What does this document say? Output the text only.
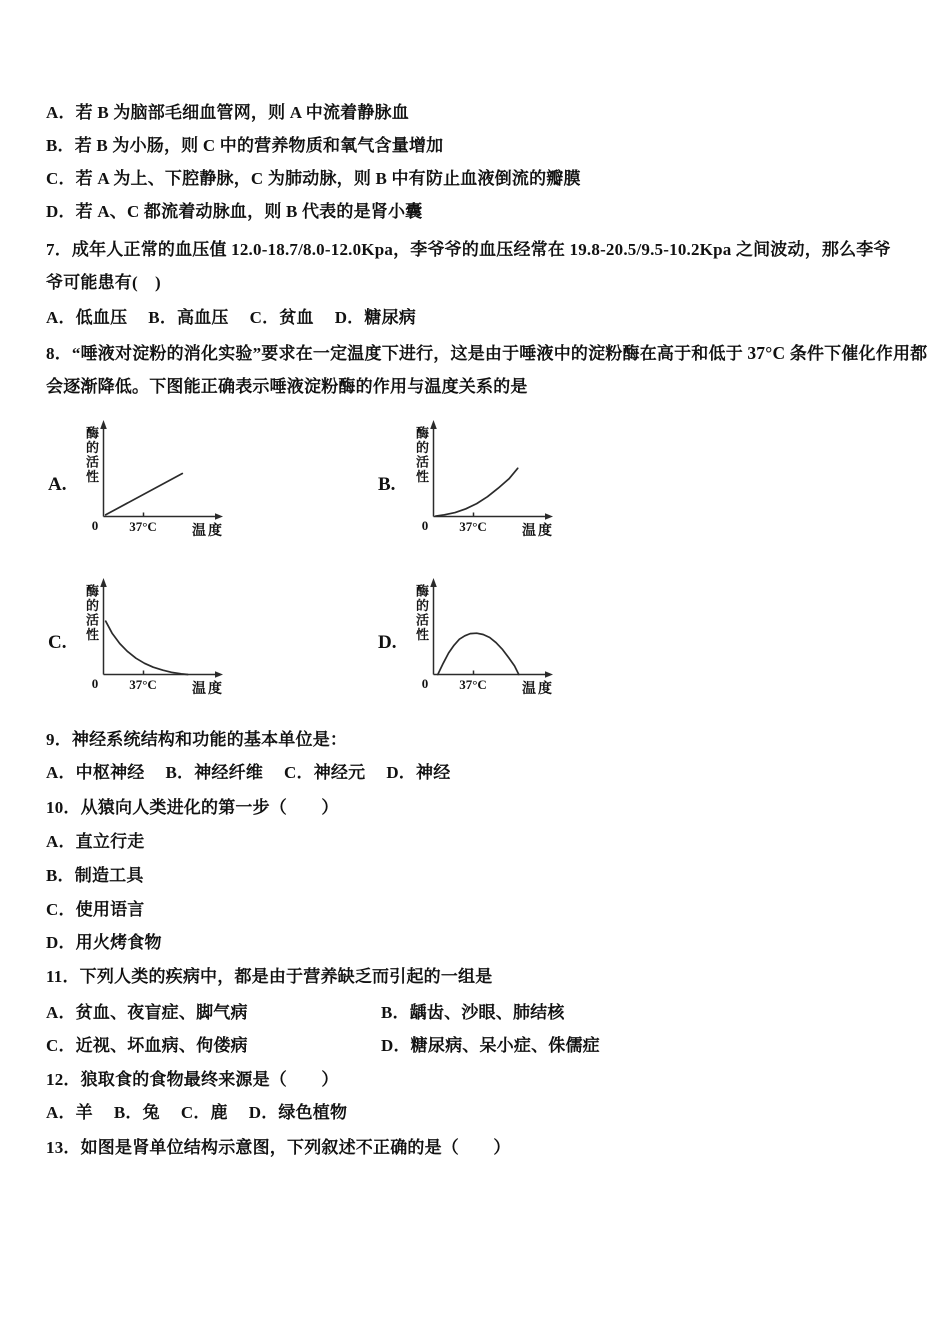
A．若 B 为脑部毛细血管网，则 A 中流着静脉血
B．若 B 为小肠，则 C 中的营养物质和氧气含量增加
C．若 A 为上、下腔静脉，C 为肺动脉，则 B 中有防止血液倒流的瓣膜
D．若 A、C 都流着动脉血，则 B 代表的是肾小囊
7．成年人正常的血压值 12.0-18.7/8.0-12.0Kpa，李爷爷的血压经常在 19.8-20.5/9.5-10.2Kpa 之间波动，那么李爷
爷可能患有(　)
A．低血压 B．高血压 C．贫血 D．糖尿病
8．“唾液对淀粉的消化实验”要求在一定温度下进行，这是由于唾液中的淀粉酶在高于和低于 37°C 条件下催化作用都
会逐渐降低。下图能正确表示唾液淀粉酶的作用与温度关系的是
A.
酶的活性
0	37°C	温度
B.
酶的活性
0	37°C	温度
C.
酶的活性
0	37°C	温度
D.
酶的活性
0	37°C	温度
9．神经系统结构和功能的基本单位是：
A．中枢神经 B．神经纤维 C．神经元 D．神经
10．从猿向人类进化的第一步（　　）
A．直立行走
B．制造工具
C．使用语言
D．用火烤食物
11．下列人类的疾病中，都是由于营养缺乏而引起的一组是
A．贫血、夜盲症、脚气病	B．龋齿、沙眼、肺结核
C．近视、坏血病、佝偻病	D．糖尿病、呆小症、侏儒症
12．狼取食的食物最终来源是（　　）
A．羊 B．兔 C．鹿 D．绿色植物
13．如图是肾单位结构示意图，下列叙述不正确的是（　　）
